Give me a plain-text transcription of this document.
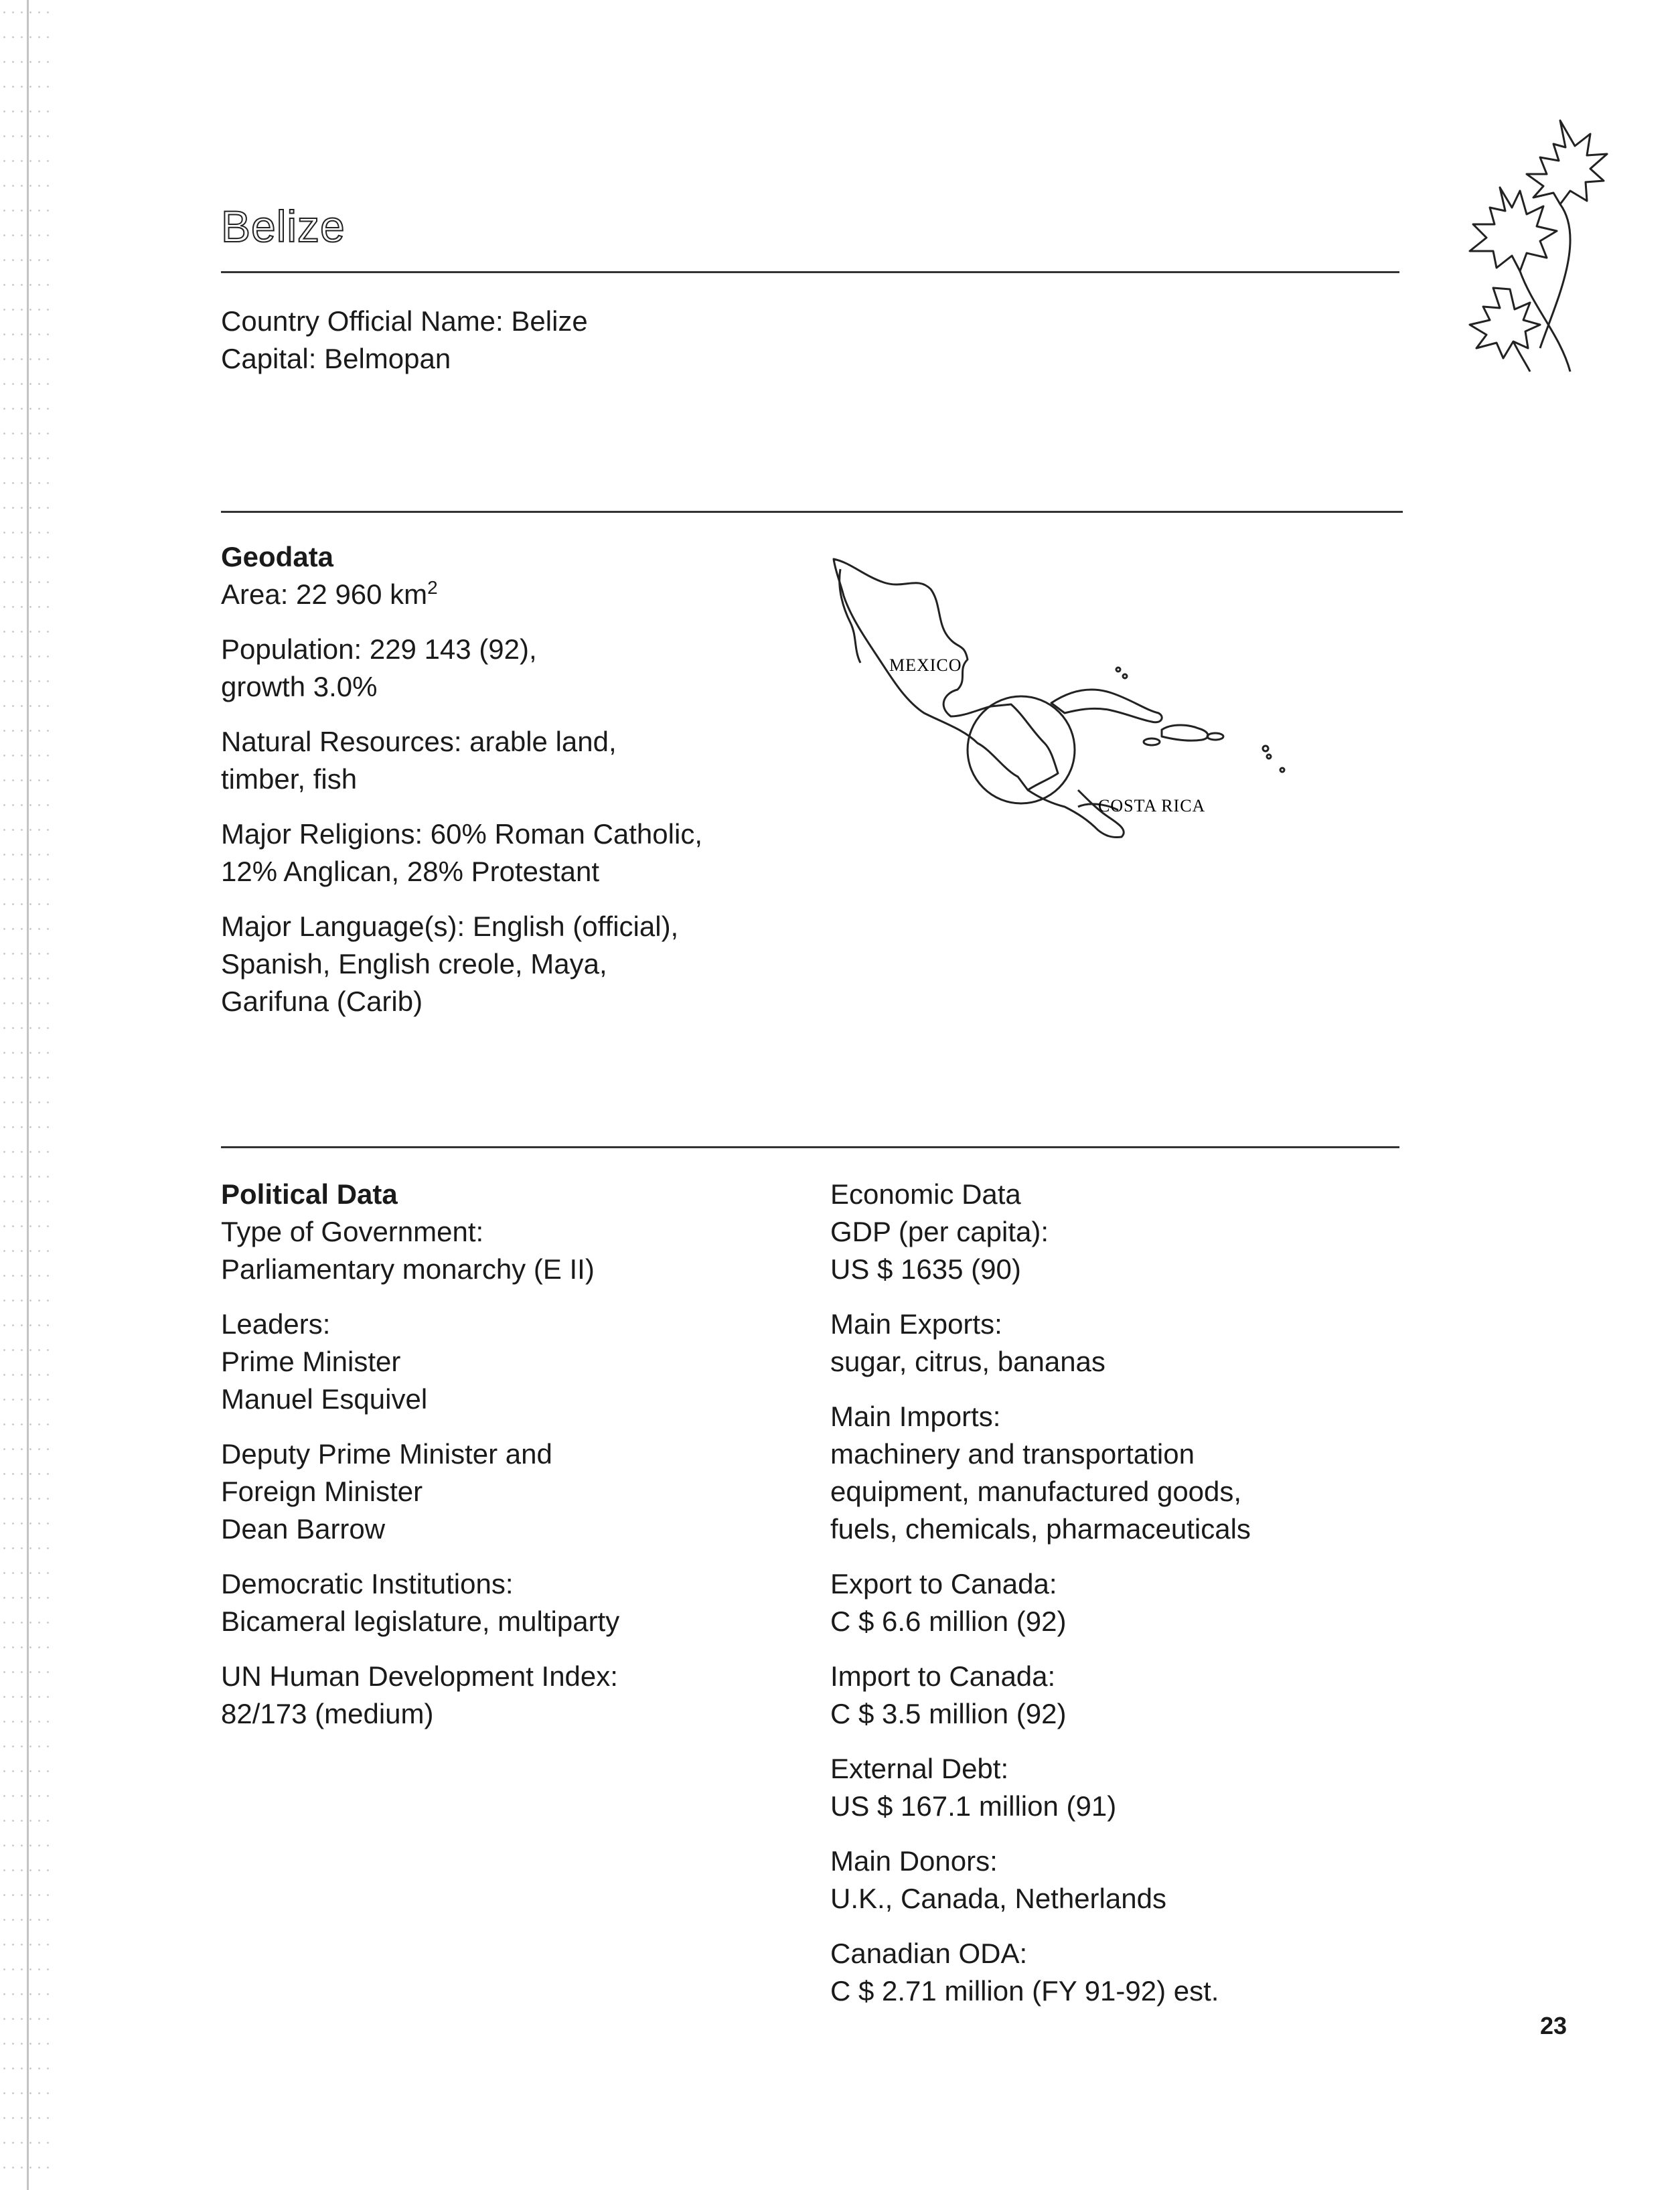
Belize
Country Official Name: Belize
Capital: Belmopan
Geodata
Area: 22 960 $km^2$
Population: 229 143 (92),
growth 3.0%
Natural Resources: arable land,
timber, fish
Major Religions: 60% Roman Catholic,
12% Anglican, 28% Protestant
Major Language(s): English (official),
Spanish, English creole, Maya,
Garifuna (Carib)
MEXICO
COSTA RICA
Political Data
Type of Government:
Parliamentary monarchy (E II)
Leaders:
Prime Minister
Manuel Esquivel
Deputy Prime Minister and
Foreign Minister
Dean Barrow
Democratic Institutions:
Bicameral legislature, multiparty
UN Human Development Index:
82/173 (medium)
Economic Data
GDP (per capita):
US $ 1635 (90)
Main Exports:
sugar, citrus, bananas
Main Imports:
machinery and transportation
equipment, manufactured goods,
fuels, chemicals, pharmaceuticals
Export to Canada:
C $ 6.6 million (92)
Import to Canada:
C $ 3.5 million (92)
External Debt:
US $ 167.1 million (91)
Main Donors:
U.K., Canada, Netherlands
Canadian ODA:
C $ 2.71 million (FY 91-92) est.
23
